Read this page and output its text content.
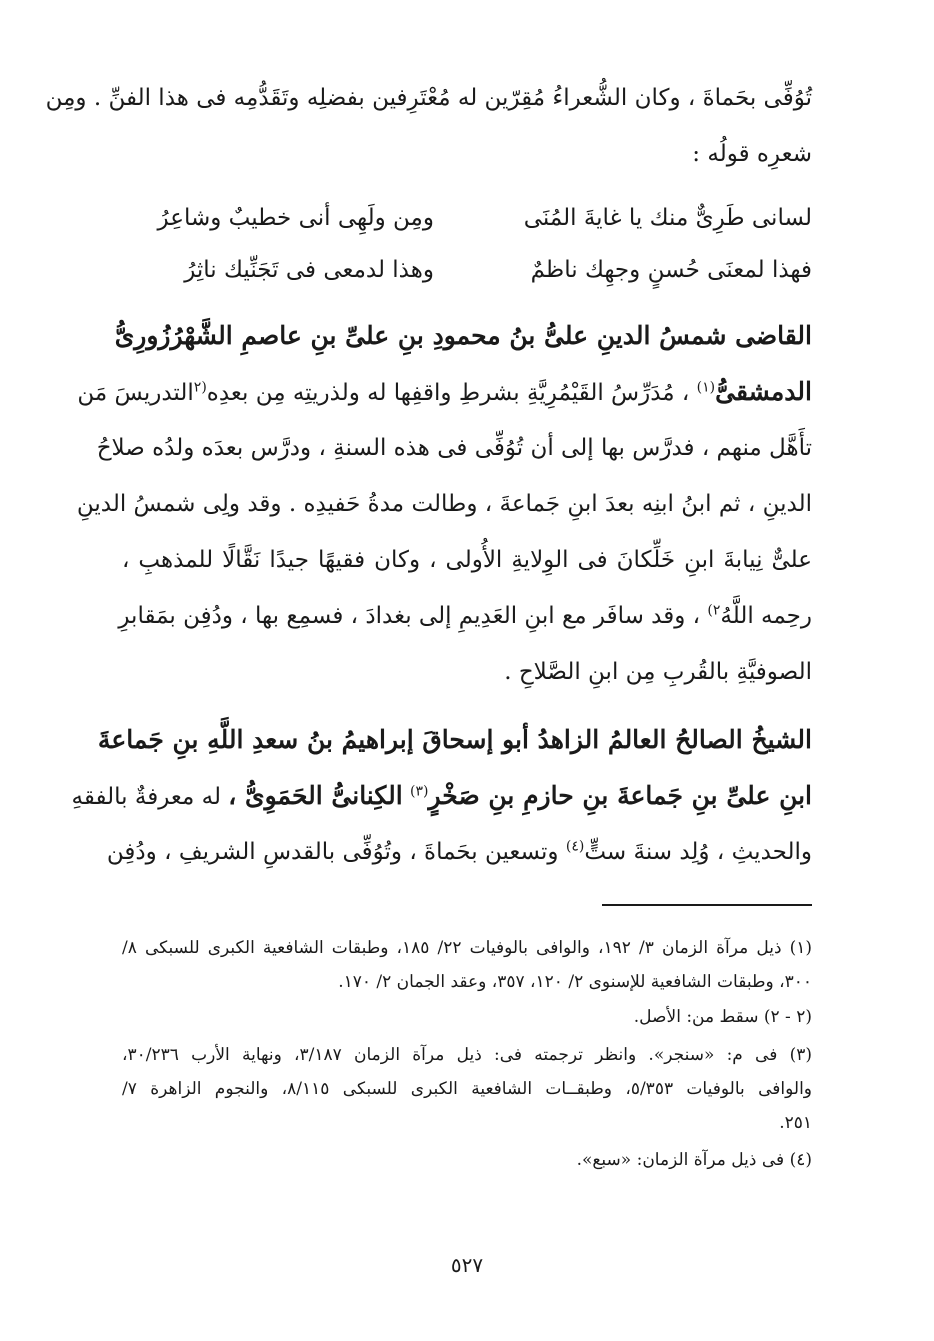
تُوُفِّى بحَماةَ ، وكان الشُّعراءُ مُقِرّين له مُعْتَرِفين بفضلِه وتَقَدُّمِه فى هذا الفنِّ . ومِن
شعرِه قولُه :
لسانى طَرِىٌّ منك يا غايةَ المُنَى
ومِن ولَهِى أنى خطيبٌ وشاعِرُ
فهذا لمعنَى حُسنٍ وجهِك ناظمٌ
وهذا لدمعى فى تَجَنِّيك ناثِرُ
القاضى شمسُ الدينِ علىُّ بنُ محمودِ بنِ علىِّ بنِ عاصمِ الشَّهْرُزُورِىُّ
الدمشقىُّ$^{(١)}$ ، مُدَرِّسُ القَيْمُرِيَّةِ بشرطِ واقفِها له ولذريتِه مِن بعدِه$^{(٢}$التدريسَ مَن
تأَهَّل منهم ، فدرَّس بها إلى أن تُوُفِّى فى هذه السنةِ ، ودرَّس بعدَه ولدُه صلاحُ
الدينِ ، ثم ابنُ ابنِه بعدَ ابنِ جَماعةَ ، وطالت مدةُ حَفيدِه . وقد ولِى شمسُ الدينِ
علىٌّ نِيابةَ ابنِ خَلِّكانَ فى الوِلايةِ الأُولى ، وكان فقيهًا جيدًا نَقَّالًا للمذهبِ ،
رحِمه اللَّهُ$^{٢)}$ ، وقد سافَر مع ابنِ العَدِيمِ إلى بغدادَ ، فسمِع بها ، ودُفِن بمَقابرِ
الصوفيَّةِ بالقُربِ مِن ابنِ الصَّلاحِ .
الشيخُ الصالحُ العالمُ الزاهدُ أبو إسحاقَ إبراهيمُ بنُ سعدِ اللَّهِ بنِ جَماعةَ
ابنِ علىِّ بنِ جَماعةَ بنِ حازمِ بنِ صَخْرٍ$^{(٣)}$ الكِنانىُّ الحَمَوِىُّ ، له معرفةٌ بالفقهِ
والحديثِ ، وُلِد سنةَ ستٍّ$^{(٤)}$ وتسعين بحَماةَ ، وتُوُفِّى بالقدسِ الشريفِ ، ودُفِن
(١) ذيل مرآة الزمان ٣/ ١٩٢، والوافى بالوفيات ٢٢/ ١٨٥، وطبقات الشافعية الكبرى للسبكى ٨/
٣٠٠، وطبقات الشافعية للإسنوى ٢/ ١٢٠، ٣٥٧، وعقد الجمان ٢/ ١٧٠.
(٢ - ٢) سقط من: الأصل.
(٣) فى م: «سنجر». وانظر ترجمته فى: ذيل مرآة الزمان ٣/١٨٧، ونهاية الأرب ٣٠/٢٣٦،
والوافى بالوفيات ٥/٣٥٣، وطبقــات الشافعية الكبرى للسبكى ٨/١١٥، والنجوم الزاهرة ٧/
٢٥١.
(٤) فى ذيل مرآة الزمان: «سبع».
٥٢٧
